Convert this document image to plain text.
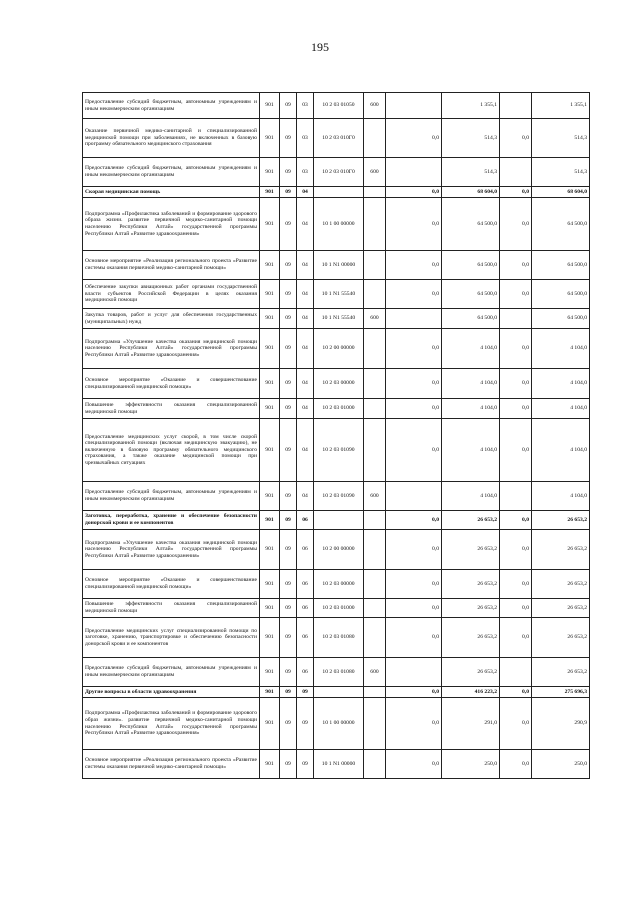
195
Предоставление субсидий бюджетным, автономным учреждениям и иным некоммерческим организациям	901	09	03	10 2 03 01050	600		1 355,1		1 355,1
Оказание первичной медико-санитарной и специализированной медицинской помощи при заболеваниях, не включенных в базовую программу обязательного медицинского страхования	901	09	03	10 2 03 010Г0		0,0	514,3	0,0	514,3
Предоставление субсидий бюджетным, автономным учреждениям и иным некоммерческим организациям	901	09	03	10 2 03 010Г0	600		514,3		514,3
Скорая медицинская помощь	901	09	04			0,0	68 604,0	0,0	68 604,0
Подпрограмма «Профилактика заболеваний и формирование здорового образа жизни. развитие первичной медико-санитарной помощи населению Республики Алтай» государственной программы Республики Алтай «Развитие здравоохранения»	901	09	04	10 1 00 00000		0,0	64 500,0	0,0	64 500,0
Основное мероприятие «Реализация регионального проекта «Развитие системы оказания первичной медико-санитарной помощи»	901	09	04	10 1 N1 00000		0,0	64 500,0	0,0	64 500,0
Обеспечение закупки авиационных работ органами государственной власти субъектов Российской Федерации в целях оказания медицинской помощи	901	09	04	10 1 N1 55540		0,0	64 500,0	0,0	64 500,0
Закупка товаров, работ и услуг для обеспечения государственных (муниципальных) нужд	901	09	04	10 1 N1 55540	600		64 500,0		64 500,0
Подпрограмма «Улучшение качества оказания медицинской помощи населению Республики Алтай» государственной программы Республики Алтай «Развитие здравоохранения»	901	09	04	10 2 00 00000		0,0	4 104,0	0,0	4 104,0
Основное мероприятие «Оказание и совершенствование специализированной медицинской помощи»	901	09	04	10 2 03 00000		0,0	4 104,0	0,0	4 104,0
Повышение эффективности оказания специализированной медицинской помощи	901	09	04	10 2 03 01000		0,0	4 104,0	0,0	4 104,0
Предоставление медицинских услуг скорой, в том числе скорой специализированной помощи (включая медицинскую эвакуацию), не включенную в базовую программу обязательного медицинского страхования, а также оказание медицинской помощи при чрезвычайных ситуациях	901	09	04	10 2 03 01090		0,0	4 104,0	0,0	4 104,0
Предоставление субсидий бюджетным, автономным учреждениям и иным некоммерческим организациям	901	09	04	10 2 03 01090	600		4 104,0		4 104,0
Заготовка, переработка, хранение и обеспечение безопасности донорской крови и ее компонентов	901	09	06			0,0	26 653,2	0,0	26 653,2
Подпрограмма «Улучшение качества оказания медицинской помощи населению Республики Алтай» государственной программы Республики Алтай «Развитие здравоохранения»	901	09	06	10 2 00 00000		0,0	26 653,2	0,0	26 653,2
Основное мероприятие «Оказание и совершенствование специализированной медицинской помощи»	901	09	06	10 2 03 00000		0,0	26 653,2	0,0	26 653,2
Повышение эффективности оказания специализированной медицинской помощи	901	09	06	10 2 03 01000		0,0	26 653,2	0,0	26 653,2
Предоставление медицинских услуг специализированной помощи по заготовке, хранению, транспортировке и обеспечению безопасности донорской крови и ее компонентов	901	09	06	10 2 03 01080		0,0	26 653,2	0,0	26 653,2
Предоставление субсидий бюджетным, автономным учреждениям и иным некоммерческим организациям	901	09	06	10 2 03 01080	600		26 653,2		26 653,2
Другие вопросы в области здравоохранения	901	09	09			0,0	416 223,2	0,0	275 696,3
Подпрограмма «Профилактика заболеваний и формирование здорового образ жизни». развитие первичной медико-санитарной помощи населению Республики Алтай» государственной программы Республики Алтай «Развитие здравоохранения»	901	09	09	10 1 00 00000		0,0	291,0	0,0	290,9
Основное мероприятие «Реализация регионального проекта «Развитие системы оказания первичной медико-санитарной помощи»	901	09	09	10 1 N1 00000		0,0	250,0	0,0	250,0
